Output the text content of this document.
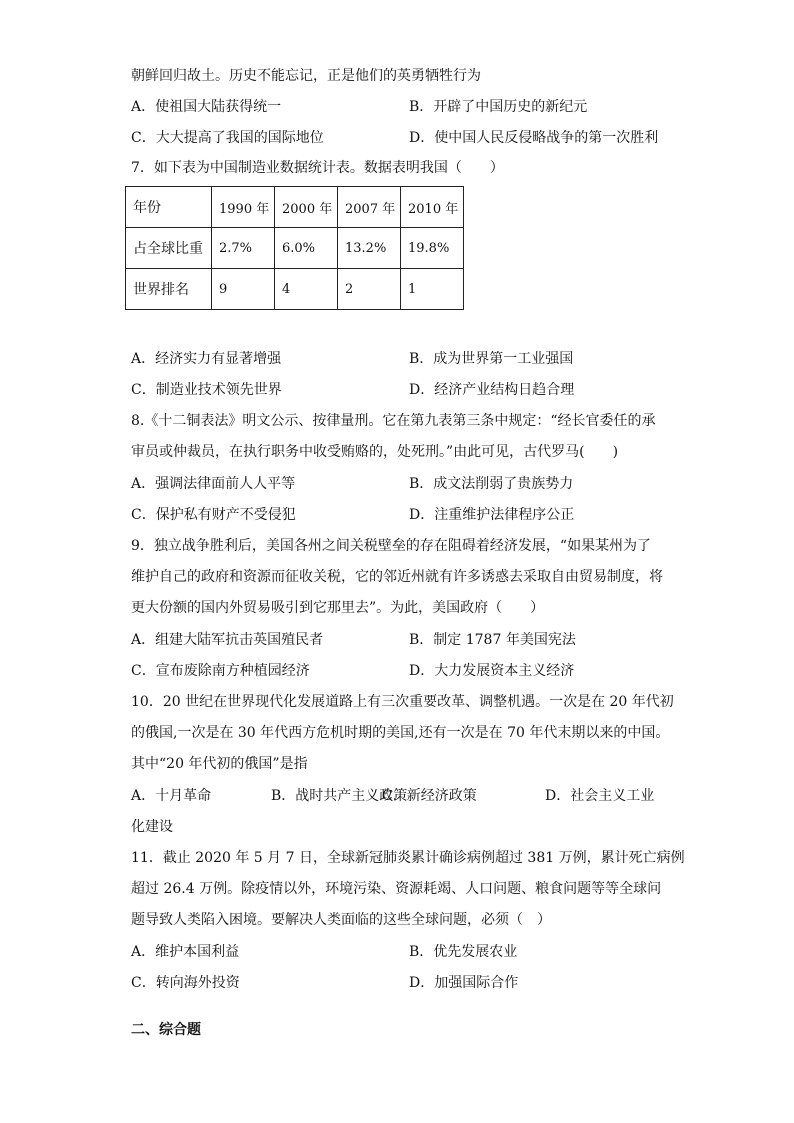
朝鲜回归故土。历史不能忘记，正是他们的英勇牺牲行为
A．使祖国大陆获得统一	B．开辟了中国历史的新纪元
C．大大提高了我国的国际地位	D．使中国人民反侵略战争的第一次胜利
7．如下表为中国制造业数据统计表。数据表明我国（　　）
年份	1990 年	2000 年	2007 年	2010 年
占全球比重	2.7%	6.0%	13.2%	19.8%
世界排名	9	4	2	1
A．经济实力有显著增强	B．成为世界第一工业强国
C．制造业技术领先世界	D．经济产业结构日趋合理
8.《十二铜表法》明文公示、按律量刑。它在第九表第三条中规定：“经长官委任的承
审员或仲裁员，在执行职务中收受贿赂的，处死刑。”由此可见，古代罗马(　　)
A．强调法律面前人人平等	B．成文法削弱了贵族势力
C．保护私有财产不受侵犯	D．注重维护法律程序公正
9．独立战争胜利后，美国各州之间关税壁垒的存在阻碍着经济发展，“如果某州为了
维护自己的政府和资源而征收关税，它的邻近州就有许多诱惑去采取自由贸易制度，将
更大份额的国内外贸易吸引到它那里去”。为此，美国政府（　　）
A．组建大陆军抗击英国殖民者	B．制定 1787 年美国宪法
C．宣布废除南方种植园经济	D．大力发展资本主义经济
10．20 世纪在世界现代化发展道路上有三次重要改革、调整机遇。一次是在 20 年代初
的俄国,一次是在 30 年代西方危机时期的美国,还有一次是在 70 年代末期以来的中国。
其中“20 年代初的俄国”是指
A．十月革命	B．战时共产主义政策
C．新经济政策	D．社会主义工业
化建设
11．截止 2020 年 5 月 7 日，全球新冠肺炎累计确诊病例超过 381 万例，累计死亡病例
超过 26.4 万例。除疫情以外，环境污染、资源耗竭、人口问题、粮食问题等等全球问
题导致人类陷入困境。要解决人类面临的这些全球问题，必须（　）
A．维护本国利益	B．优先发展农业
C．转向海外投资	D．加强国际合作
二、综合题
